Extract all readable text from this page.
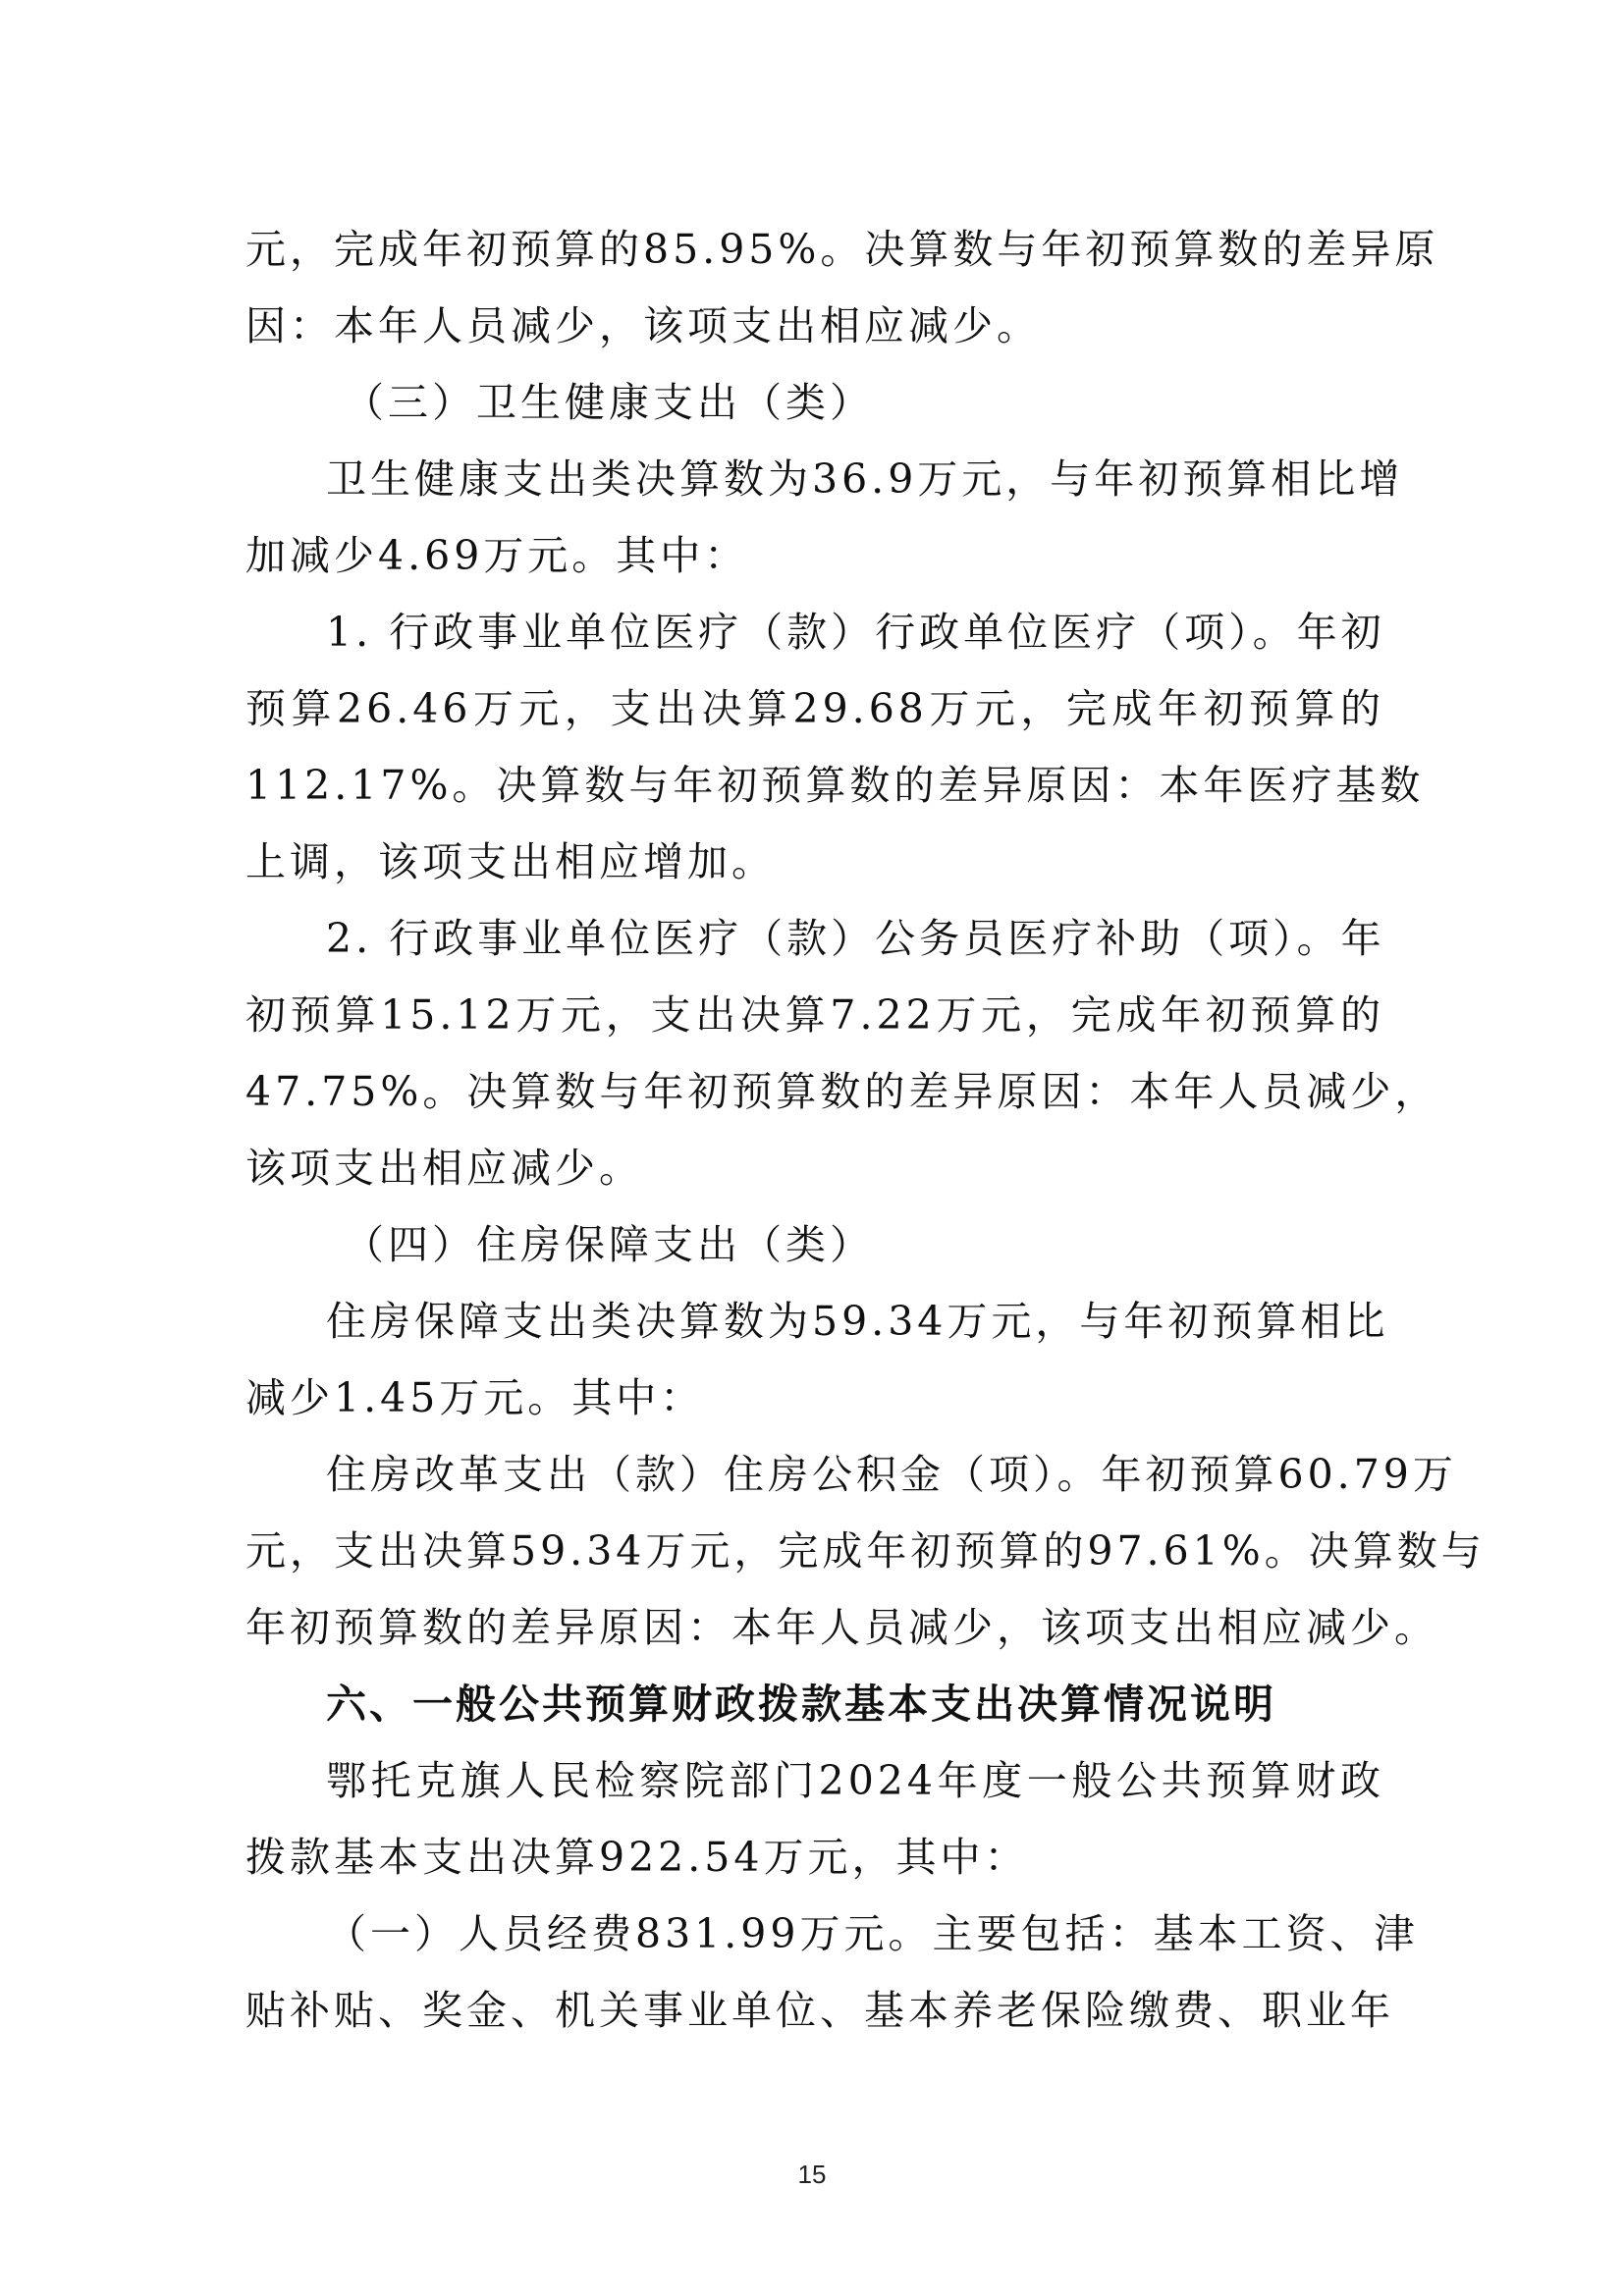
元，完成年初预算的85.95%。决算数与年初预算数的差异原
因：本年人员减少，该项支出相应减少。
（三）卫生健康支出（类）
卫生健康支出类决算数为36.9万元，与年初预算相比增
加减少4.69万元。其中：
1. 行政事业单位医疗（款）行政单位医疗（项）。年初
预算26.46万元，支出决算29.68万元，完成年初预算的
112.17%。决算数与年初预算数的差异原因：本年医疗基数
上调，该项支出相应增加。
2. 行政事业单位医疗（款）公务员医疗补助（项）。年
初预算15.12万元，支出决算7.22万元，完成年初预算的
47.75%。决算数与年初预算数的差异原因：本年人员减少，
该项支出相应减少。
（四）住房保障支出（类）
住房保障支出类决算数为59.34万元，与年初预算相比
减少1.45万元。其中：
住房改革支出（款）住房公积金（项）。年初预算60.79万
元，支出决算59.34万元，完成年初预算的97.61%。决算数与
年初预算数的差异原因：本年人员减少，该项支出相应减少。
六、一般公共预算财政拨款基本支出决算情况说明
鄂托克旗人民检察院部门2024年度一般公共预算财政
拨款基本支出决算922.54万元，其中：
（一）人员经费831.99万元。主要包括：基本工资、津
贴补贴、奖金、机关事业单位、基本养老保险缴费、职业年
15
